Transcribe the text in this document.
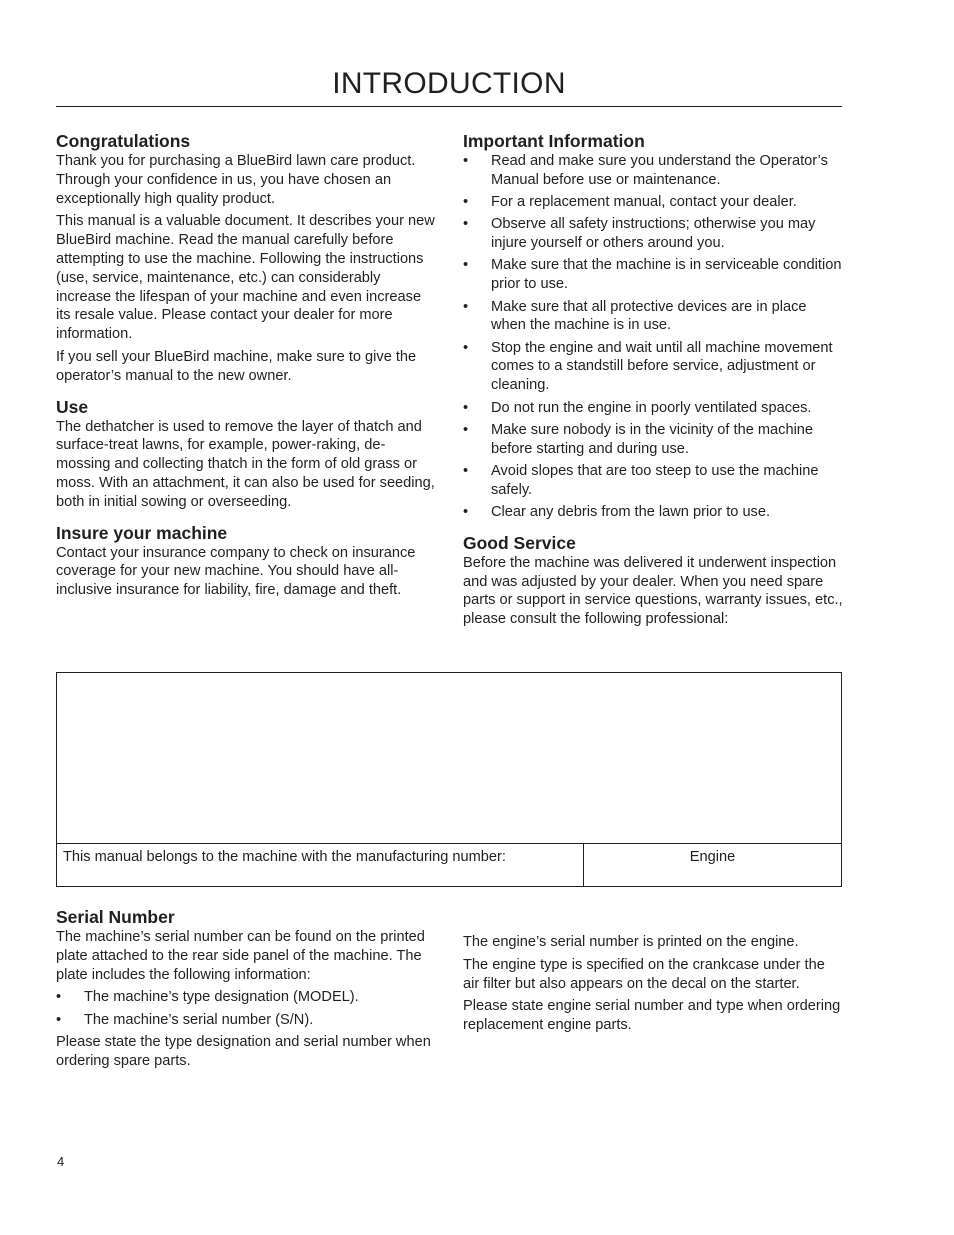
INTRODUCTION
Congratulations

Thank you for purchasing a BlueBird lawn care product. Through your confidence in us, you have chosen an exceptionally high quality product.

This manual is a valuable document. It describes your new BlueBird machine. Read the manual carefully before attempting to use the machine. Following the instructions (use, service, maintenance, etc.) can considerably increase the lifespan of your machine and even increase its resale value. Please contact your dealer for more information.

If you sell your BlueBird machine, make sure to give the operator’s manual to the new owner.

Use

The dethatcher is used to remove the layer of thatch and surface-treat lawns, for example, power-raking, de-mossing and collecting thatch in the form of old grass or moss. With an attachment, it can also be used for seeding, both in initial sowing or overseeding.

Insure your machine

Contact your insurance company to check on insurance coverage for your new machine. You should have all-inclusive insurance for liability, fire, damage and theft.

Important Information
• Read and make sure you understand the Operator’s Manual before use or maintenance.
• For a replacement manual, contact your dealer.
• Observe all safety instructions; otherwise you may injure yourself or others around you.
• Make sure that the machine is in serviceable condition prior to use.
• Make sure that all protective devices are in place when the machine is in use.
• Stop the engine and wait until all machine movement comes to a standstill before service, adjustment or cleaning.
• Do not run the engine in poorly ventilated spaces.
• Make sure nobody is in the vicinity of the machine before starting and during use.
• Avoid slopes that are too steep to use the machine safely.
• Clear any debris from the lawn prior to use.
Good Service

Before the machine was delivered it underwent inspection and was adjusted by your dealer. When you need spare parts or support in service questions, warranty issues, etc., please consult the following professional:

This manual belongs to the machine with the manufacturing number:	Engine
Serial Number

The machine’s serial number can be found on the printed plate attached to the rear side panel of the machine. The plate includes the following information:

• The machine’s type designation (MODEL).
• The machine’s serial number (S/N).

Please state the type designation and serial number when ordering spare parts.

The engine’s serial number is printed on the engine.

The engine type is specified on the crankcase under the air filter but also appears on the decal on the starter.

Please state engine serial number and type when ordering replacement engine parts.

4
